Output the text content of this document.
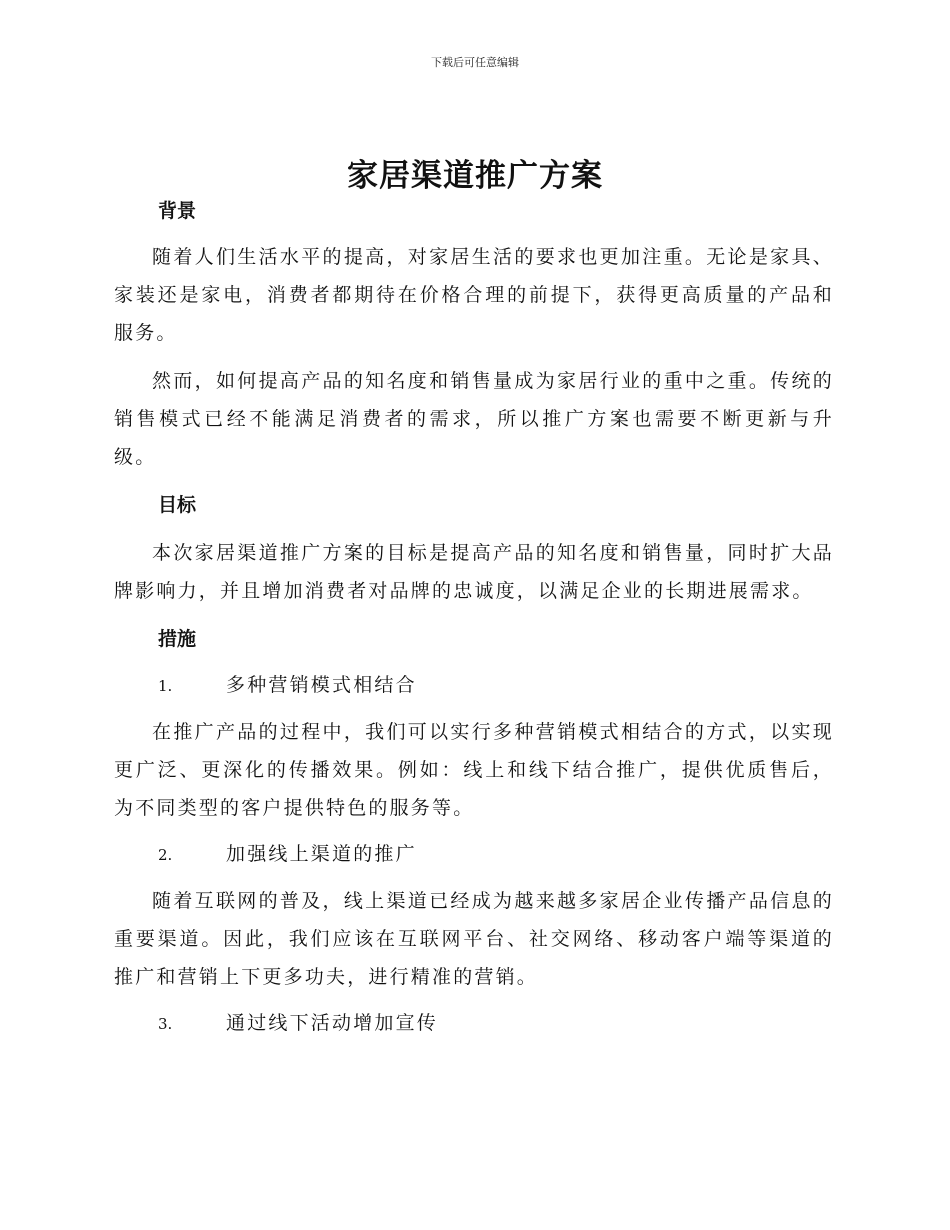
下载后可任意编辑
家居渠道推广方案

背景

随着人们生活水平的提高，对家居生活的要求也更加注重。无论是家具、家装还是家电，消费者都期待在价格合理的前提下，获得更高质量的产品和服务。

然而，如何提高产品的知名度和销售量成为家居行业的重中之重。传统的销售模式已经不能满足消费者的需求，所以推广方案也需要不断更新与升级。

目标

本次家居渠道推广方案的目标是提高产品的知名度和销售量，同时扩大品牌影响力，并且增加消费者对品牌的忠诚度，以满足企业的长期进展需求。

措施

1.	多种营销模式相结合

在推广产品的过程中，我们可以实行多种营销模式相结合的方式，以实现更广泛、更深化的传播效果。例如：线上和线下结合推广，提供优质售后，为不同类型的客户提供特色的服务等。

2.	加强线上渠道的推广

随着互联网的普及，线上渠道已经成为越来越多家居企业传播产品信息的重要渠道。因此，我们应该在互联网平台、社交网络、移动客户端等渠道的推广和营销上下更多功夫，进行精准的营销。

3.	通过线下活动增加宣传
